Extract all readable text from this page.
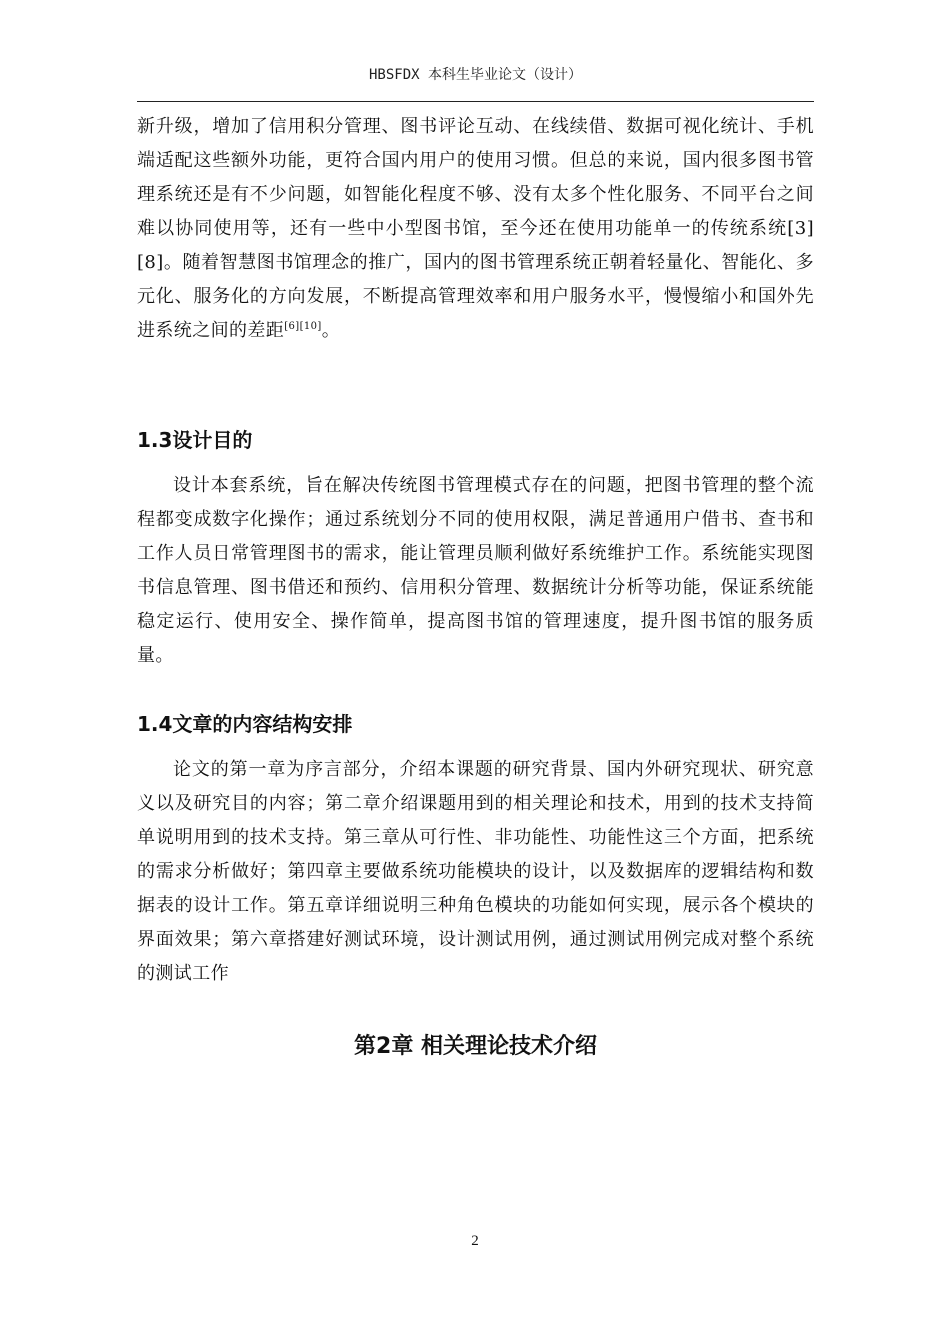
HBSFDX 本科生毕业论文（设计）

新升级，增加了信用积分管理、图书评论互动、在线续借、数据可视化统计、手机端适配这些额外功能，更符合国内用户的使用习惯。但总的来说，国内很多图书管理系统还是有不少问题，如智能化程度不够、没有太多个性化服务、不同平台之间难以协同使用等，还有一些中小型图书馆，至今还在使用功能单一的传统系统[3][8]。随着智慧图书馆理念的推广，国内的图书管理系统正朝着轻量化、智能化、多元化、服务化的方向发展，不断提高管理效率和用户服务水平，慢慢缩小和国外先进系统之间的差距[6][10]。

1.3设计目的

设计本套系统，旨在解决传统图书管理模式存在的问题，把图书管理的整个流程都变成数字化操作；通过系统划分不同的使用权限，满足普通用户借书、查书和工作人员日常管理图书的需求，能让管理员顺利做好系统维护工作。系统能实现图书信息管理、图书借还和预约、信用积分管理、数据统计分析等功能，保证系统能稳定运行、使用安全、操作简单，提高图书馆的管理速度，提升图书馆的服务质量。

1.4文章的内容结构安排

论文的第一章为序言部分，介绍本课题的研究背景、国内外研究现状、研究意义以及研究目的内容；第二章介绍课题用到的相关理论和技术，用到的技术支持简单说明用到的技术支持。第三章从可行性、非功能性、功能性这三个方面，把系统的需求分析做好；第四章主要做系统功能模块的设计，以及数据库的逻辑结构和数据表的设计工作。第五章详细说明三种角色模块的功能如何实现，展示各个模块的界面效果；第六章搭建好测试环境，设计测试用例，通过测试用例完成对整个系统的测试工作

第2章 相关理论技术介绍
2
